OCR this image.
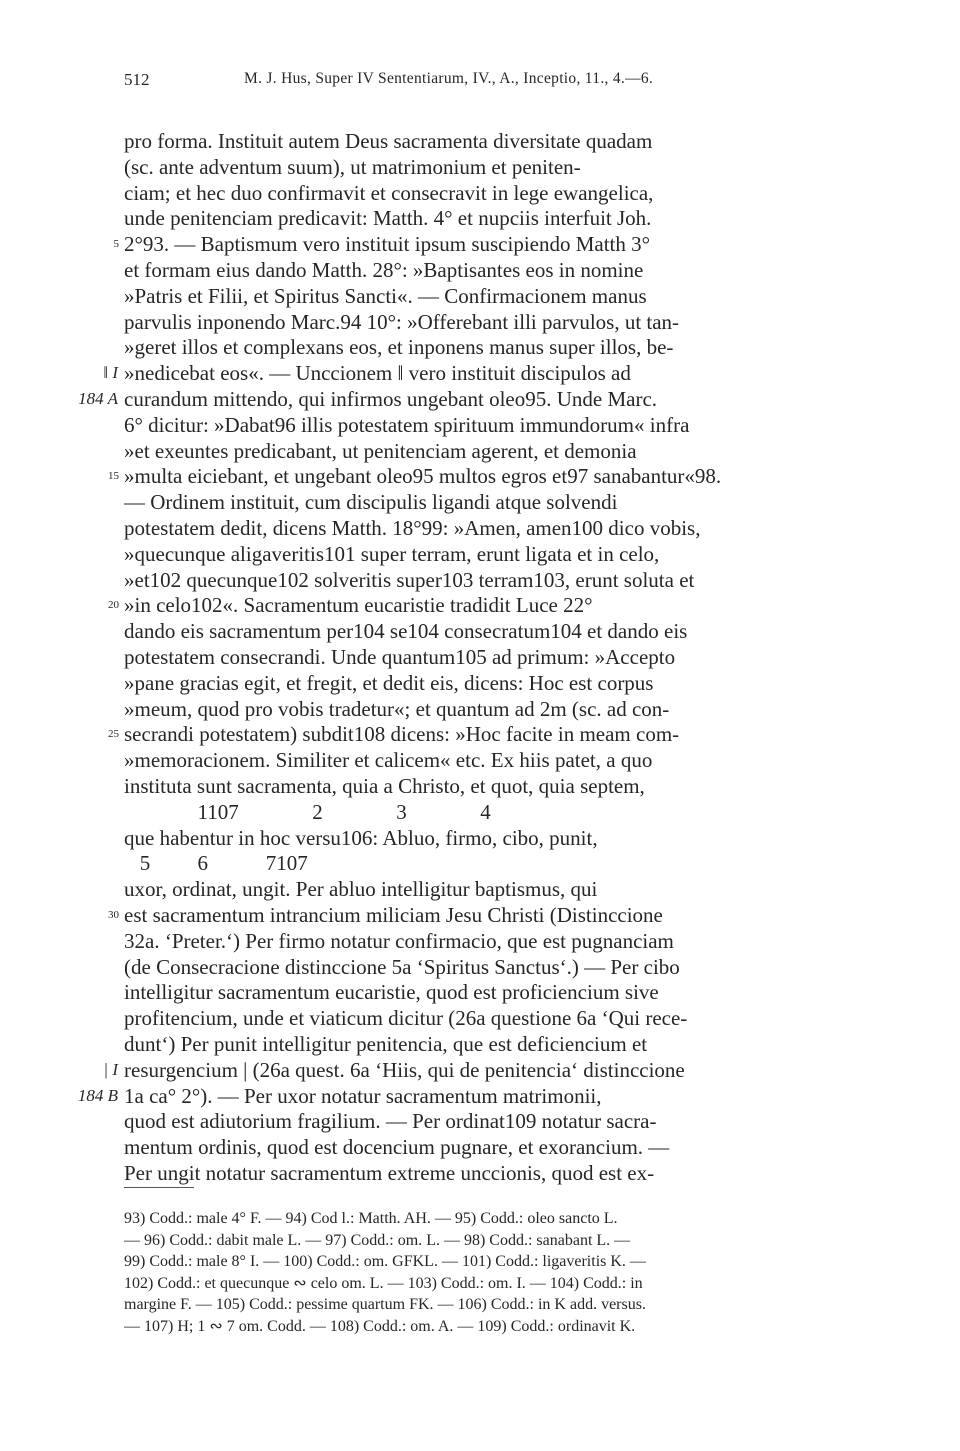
512	M. J. Hus, Super IV Sententiarum, IV., A., Inceptio, 11., 4.—6.
pro forma. Instituit autem Deus sacramenta diversitate quadam
(sc. ante adventum suum), ut matrimonium et peniten-
ciam; et hec duo confirmavit et consecravit in lege ewangelica,
unde penitenciam predicavit: Matth. 4° et nupciis interfuit Joh.
2°93. — Baptismum vero instituit ipsum suscipiendo Matth 3°
5
et formam eius dando Matth. 28°: »Baptisantes eos in nomine
»Patris et Filii, et Spiritus Sancti«. — Confirmacionem manus
parvulis inponendo Marc.94 10°: »Offerebant illi parvulos, ut tan-
»geret illos et complexans eos, et inponens manus super illos, be-
»nedicebat eos«. — Unccionem ‖ vero instituit discipulos ad
‖ I
curandum mittendo, qui infirmos ungebant oleo95. Unde Marc.
184 A
6° dicitur: »Dabat96 illis potestatem spirituum immundorum« infra
»et exeuntes predicabant, ut penitenciam agerent, et demonia
»multa eiciebant, et ungebant oleo95 multos egros et97 sanabantur«98.
15
— Ordinem instituit, cum discipulis ligandi atque solvendi
potestatem dedit, dicens Matth. 18°99: »Amen, amen100 dico vobis,
»quecunque aligaveritis101 super terram, erunt ligata et in celo,
»et102 quecunque102 solveritis super103 terram103, erunt soluta et
»in celo102«. Sacramentum eucaristie tradidit Luce 22°
20
dando eis sacramentum per104 se104 consecratum104 et dando eis
potestatem consecrandi. Unde quantum105 ad primum: »Accepto
»pane gracias egit, et fregit, et dedit eis, dicens: Hoc est corpus
»meum, quod pro vobis tradetur«; et quantum ad 2m (sc. ad con-
secrandi potestatem) subdit108 dicens: »Hoc facite in meam com-
25
»memoracionem. Similiter et calicem« etc. Ex hiis patet, a quo
instituta sunt sacramenta, quia a Christo, et quot, quia septem,
1107              2              3              4
que habentur in hoc versu106: Abluo, firmo, cibo, punit,
5         6           7107
uxor, ordinat, ungit. Per abluo intelligitur baptismus, qui
est sacramentum intrancium miliciam Jesu Christi (Distinccione
30
32a. ‘Preter.‘) Per firmo notatur confirmacio, que est pugnanciam
(de Consecracione distinccione 5a ‘Spiritus Sanctus‘.) — Per cibo
intelligitur sacramentum eucaristie, quod est proficiencium sive
profitencium, unde et viaticum dicitur (26a questione 6a ‘Qui rece-
dunt‘) Per punit intelligitur penitencia, que est deficiencium et
resurgencium | (26a quest. 6a ‘Hiis, qui de penitencia‘ distinccione
| I
1a ca° 2°). — Per uxor notatur sacramentum matrimonii,
184 B
quod est adiutorium fragilium. — Per ordinat109 notatur sacra-
mentum ordinis, quod est docencium pugnare, et exorancium. —
Per ungit notatur sacramentum extreme unccionis, quod est ex-
93) Codd.: male 4° F. — 94) Cod l.: Matth. AH. — 95) Codd.: oleo sancto L.
— 96) Codd.: dabit male L. — 97) Codd.: om. L. — 98) Codd.: sanabant L. —
99) Codd.: male 8° I. — 100) Codd.: om. GFKL. — 101) Codd.: ligaveritis K. —
102) Codd.: et quecunque ∾ celo om. L. — 103) Codd.: om. I. — 104) Codd.: in
margine F. — 105) Codd.: pessime quartum FK. — 106) Codd.: in K add. versus.
— 107) H; 1 ∾ 7 om. Codd. — 108) Codd.: om. A. — 109) Codd.: ordinavit K.
